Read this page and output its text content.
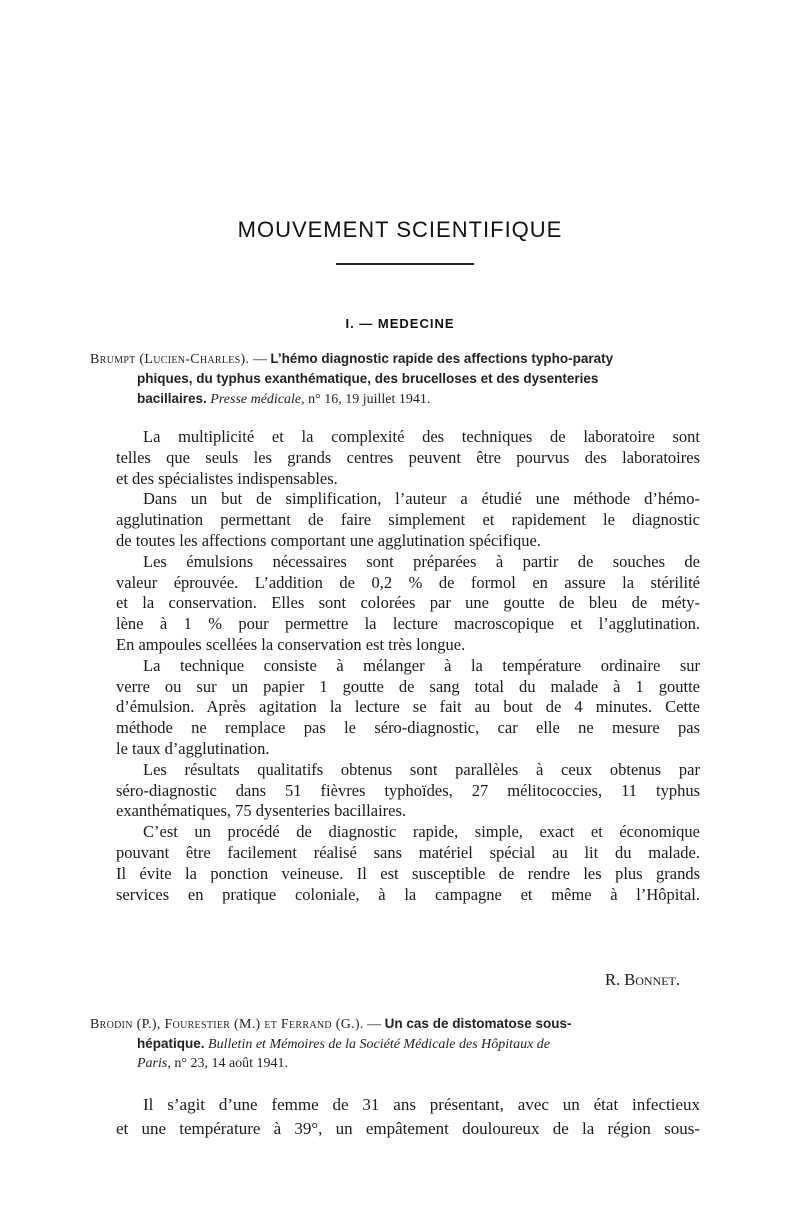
MOUVEMENT SCIENTIFIQUE
I. — MEDECINE
Brumpt (Lucien-Charles). — L’hémo diagnostic rapide des affections typho-paraty
phiques, du typhus exanthématique, des brucelloses et des dysenteries
bacillaires. Presse médicale, n° 16, 19 juillet 1941.
La multiplicité et la complexité des techniques de laboratoire sont
telles que seuls les grands centres peuvent être pourvus des laboratoires
et des spécialistes indispensables.
Dans un but de simplification, l’auteur a étudié une méthode d’hémo-
agglutination permettant de faire simplement et rapidement le diagnostic
de toutes les affections comportant une agglutination spécifique.
Les émulsions nécessaires sont préparées à partir de souches de
valeur éprouvée. L’addition de 0,2 % de formol en assure la stérilité
et la conservation. Elles sont colorées par une goutte de bleu de méty-
lène à 1 % pour permettre la lecture macroscopique et l’agglutination.
En ampoules scellées la conservation est très longue.
La technique consiste à mélanger à la température ordinaire sur
verre ou sur un papier 1 goutte de sang total du malade à 1 goutte
d’émulsion. Après agitation la lecture se fait au bout de 4 minutes. Cette
méthode ne remplace pas le séro-diagnostic, car elle ne mesure pas
le taux d’agglutination.
Les résultats qualitatifs obtenus sont parallèles à ceux obtenus par
séro-diagnostic dans 51 fièvres typhoïdes, 27 mélitococcies, 11 typhus
exanthématiques, 75 dysenteries bacillaires.
C’est un procédé de diagnostic rapide, simple, exact et économique
pouvant être facilement réalisé sans matériel spécial au lit du malade.
Il évite la ponction veineuse. Il est susceptible de rendre les plus grands
services en pratique coloniale, à la campagne et même à l’Hôpital.
R. Bonnet.
Brodin (P.), Fourestier (M.) et Ferrand (G.). — Un cas de distomatose sous-
hépatique. Bulletin et Mémoires de la Société Médicale des Hôpitaux de
Paris, n° 23, 14 août 1941.
Il s’agit d’une femme de 31 ans présentant, avec un état infectieux
et une température à 39°, un empâtement douloureux de la région sous-
